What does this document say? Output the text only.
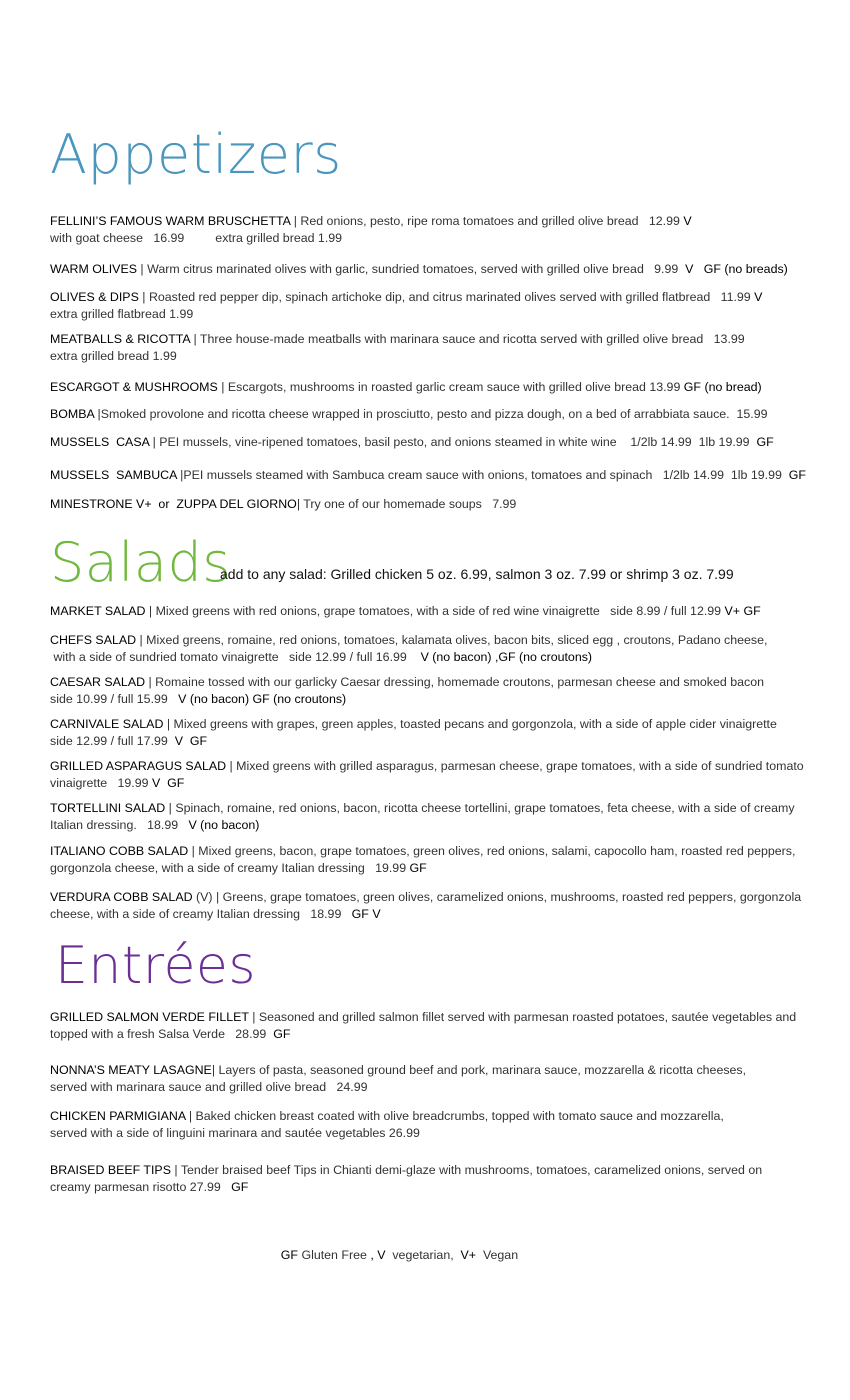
Appetizers
FELLINI’S FAMOUS WARM BRUSCHETTA | Red onions, pesto, ripe roma tomatoes and grilled olive bread   12.99 V
with goat cheese   16.99         extra grilled bread 1.99
WARM OLIVES | Warm citrus marinated olives with garlic, sundried tomatoes, served with grilled olive bread   9.99  V   GF (no breads)
OLIVES & DIPS | Roasted red pepper dip, spinach artichoke dip, and citrus marinated olives served with grilled flatbread   11.99 V
extra grilled flatbread 1.99
MEATBALLS & RICOTTA | Three house-made meatballs with marinara sauce and ricotta served with grilled olive bread   13.99
extra grilled bread 1.99
ESCARGOT & MUSHROOMS | Escargots, mushrooms in roasted garlic cream sauce with grilled olive bread 13.99 GF (no bread)
BOMBA |Smoked provolone and ricotta cheese wrapped in prosciutto, pesto and pizza dough, on a bed of arrabbiata sauce.  15.99
MUSSELS  CASA | PEI mussels, vine-ripened tomatoes, basil pesto, and onions steamed in white wine    1/2lb 14.99  1lb 19.99  GF
MUSSELS  SAMBUCA |PEI mussels steamed with Sambuca cream sauce with onions, tomatoes and spinach   1/2lb 14.99  1lb 19.99  GF
MINESTRONE V+  or  ZUPPA DEL GIORNO| Try one of our homemade soups   7.99
Salads
add to any salad: Grilled chicken 5 oz. 6.99, salmon 3 oz. 7.99 or shrimp 3 oz. 7.99
MARKET SALAD | Mixed greens with red onions, grape tomatoes, with a side of red wine vinaigrette   side 8.99 / full 12.99 V+ GF
CHEFS SALAD | Mixed greens, romaine, red onions, tomatoes, kalamata olives, bacon bits, sliced egg , croutons, Padano cheese,
with a side of sundried tomato vinaigrette   side 12.99 / full 16.99    V (no bacon) ,GF (no croutons)
CAESAR SALAD | Romaine tossed with our garlicky Caesar dressing, homemade croutons, parmesan cheese and smoked bacon
side 10.99 / full 15.99   V (no bacon) GF (no croutons)
CARNIVALE SALAD | Mixed greens with grapes, green apples, toasted pecans and gorgonzola, with a side of apple cider vinaigrette
side 12.99 / full 17.99  V  GF
GRILLED ASPARAGUS SALAD | Mixed greens with grilled asparagus, parmesan cheese, grape tomatoes, with a side of sundried tomato
vinaigrette   19.99 V  GF
TORTELLINI SALAD | Spinach, romaine, red onions, bacon, ricotta cheese tortellini, grape tomatoes, feta cheese, with a side of creamy
Italian dressing.   18.99   V (no bacon)
ITALIANO COBB SALAD | Mixed greens, bacon, grape tomatoes, green olives, red onions, salami, capocollo ham, roasted red peppers,
gorgonzola cheese, with a side of creamy Italian dressing   19.99 GF
VERDURA COBB SALAD (V) | Greens, grape tomatoes, green olives, caramelized onions, mushrooms, roasted red peppers, gorgonzola
cheese, with a side of creamy Italian dressing   18.99   GF V
Entrées
GRILLED SALMON VERDE FILLET | Seasoned and grilled salmon fillet served with parmesan roasted potatoes, sautée vegetables and
topped with a fresh Salsa Verde   28.99  GF
NONNA’S MEATY LASAGNE| Layers of pasta, seasoned ground beef and pork, marinara sauce, mozzarella & ricotta cheeses,
served with marinara sauce and grilled olive bread   24.99
CHICKEN PARMIGIANA | Baked chicken breast coated with olive breadcrumbs, topped with tomato sauce and mozzarella,
served with a side of linguini marinara and sautée vegetables 26.99
BRAISED BEEF TIPS | Tender braised beef Tips in Chianti demi-glaze with mushrooms, tomatoes, caramelized onions, served on
creamy parmesan risotto 27.99   GF

GF Gluten Free , V  vegetarian,  V+  Vegan
